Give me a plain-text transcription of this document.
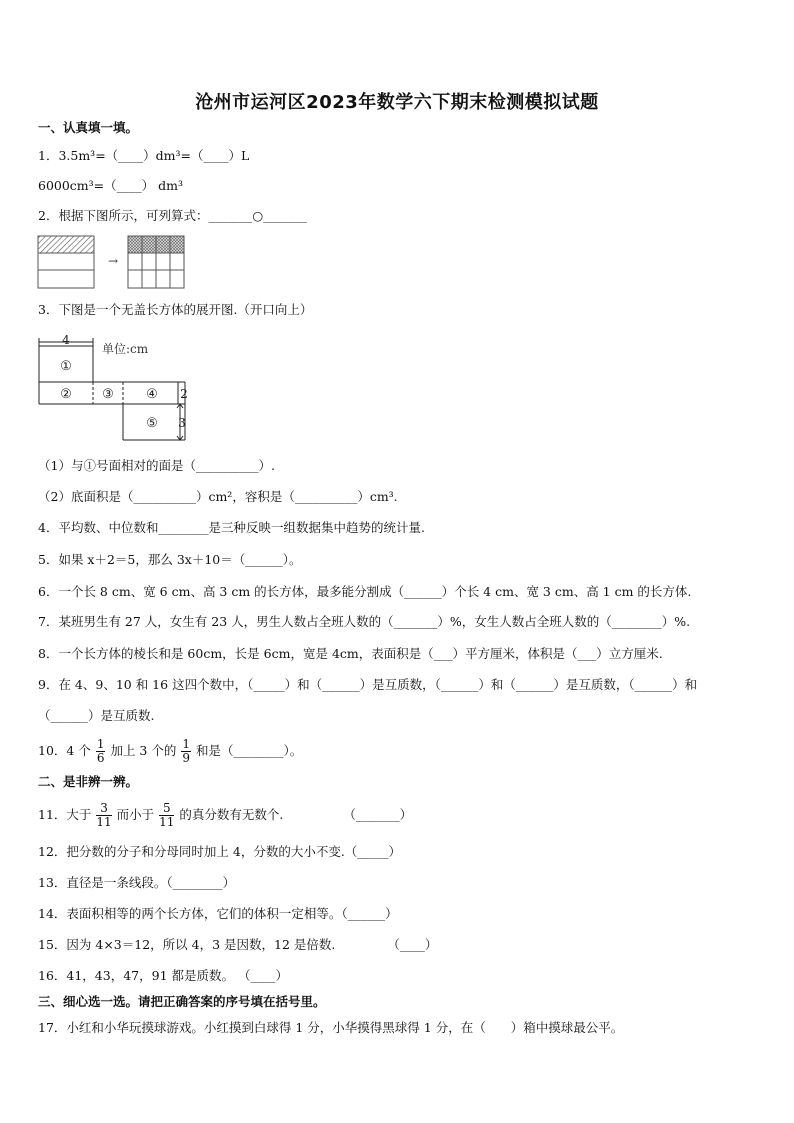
沧州市运河区2023年数学六下期末检测模拟试题
一、认真填一填。
1．3.5m³=（____）dm³=（____）L
6000cm³=（____） dm³
2．根据下图所示，可列算式：_______○_______
→
3．下图是一个无盖长方体的展开图.（开口向上）
4
①
② ③ ④
⑤
2
3
单位:cm
（1）与①号面相对的面是（__________）.
（2）底面积是（__________）cm²，容积是（__________）cm³.
4．平均数、中位数和________是三种反映一组数据集中趋势的统计量.
5．如果 x＋2＝5，那么 3x＋10＝（______）。
6．一个长 8 cm、宽 6 cm、高 3 cm 的长方体，最多能分割成（______）个长 4 cm、宽 3 cm、高 1 cm 的长方体.
7．某班男生有 27 人，女生有 23 人，男生人数占全班人数的（_______）%，女生人数占全班人数的（________）%.
8．一个长方体的棱长和是 60cm，长是 6cm，宽是 4cm，表面积是（___）平方厘米，体积是（___）立方厘米.
9．在 4、9、10 和 16 这四个数中，（_____）和（______）是互质数，（______）和（______）是互质数，（______）和
（______）是互质数.
10．4 个 $\frac{1}{6}$ 加上 3 个的 $\frac{1}{9}$ 和是（________）。
二、是非辨一辨。
11．大于 $\frac{3}{11}$ 而小于 $\frac{5}{11}$ 的真分数有无数个.	（_______）
12．把分数的分子和分母同时加上 4，分数的大小不变.（_____）
13．直径是一条线段。（________）
14．表面积相等的两个长方体，它们的体积一定相等。（______）
15．因为 4×3＝12，所以 4，3 是因数，12 是倍数.	（____）
16．41，43，47，91 都是质数。 （____）
三、细心选一选。请把正确答案的序号填在括号里。
17．小红和小华玩摸球游戏。小红摸到白球得 1 分，小华摸得黑球得 1 分，在（　　）箱中摸球最公平。
